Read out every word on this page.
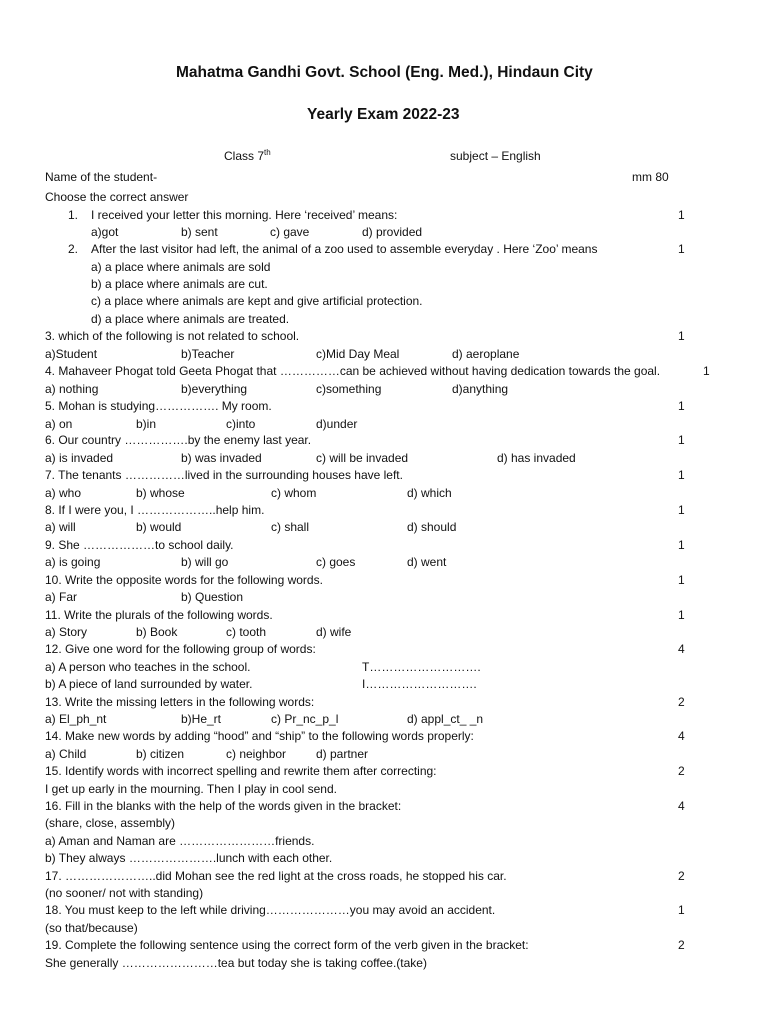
Mahatma Gandhi Govt. School (Eng. Med.), Hindaun City
Yearly Exam 2022-23
Class 7th	subject – English
Name of the student-	mm 80
Choose the correct answer
1. I received your letter this morning. Here ‘received’ means:	1
a)got	b) sent	c) gave	d) provided
2. After the last visitor had left, the animal of a zoo used to assemble everyday . Here ‘Zoo’ means	1
a) a place where animals are sold
b) a place where animals are cut.
c) a place where animals are kept and give artificial protection.
d) a place where animals are treated.
3. which of the following is not related to school.	1
a)Student	b)Teacher	c)Mid Day Meal	d) aeroplane
4. Mahaveer Phogat told Geeta Phogat that ……………can be achieved without having dedication towards the goal.	1
a) nothing	b)everything	c)something	d)anything
5. Mohan is studying……………. My room.	1
a) on	b)in	c)into	d)under
6. Our country …………….by the enemy last year.	1
a) is invaded	b) was invaded	c) will be invaded	d) has invaded
7. The tenants ……………lived in the surrounding houses have left.	1
a) who	b) whose	c) whom	d) which
8. If I were you, I ………………..help him.	1
a) will	b) would	c) shall	d) should
9. She ………………to school daily.	1
a) is going	b) will go	c) goes	d) went
10. Write the opposite words for the following words.	1
a) Far	b) Question
11. Write the plurals of the following words.	1
a) Story	b) Book	c) tooth	d) wife
12. Give one word for the following group of words:	4
a) A person who teaches in the school.	T……………………….
b) A piece of land surrounded by water.	I……………………….
13. Write the missing letters in the following words:	2
a) El_ph_nt	b)He_rt	c) Pr_nc_p_l	d) appl_ct_ _n
14. Make new words by adding “hood” and “ship” to the following words properly:	4
a) Child	b) citizen	c) neighbor d) partner
15. Identify words with incorrect spelling and rewrite them after correcting:	2
I get up early in the mourning. Then I play in cool send.
16. Fill in the blanks with the help of the words given in the bracket:	4
(share, close, assembly)
a) Aman and Naman are ……………………friends.
b) They always ………………….lunch with each other.
17. …………………..did Mohan see the red light at the cross roads, he stopped his car.	2
(no sooner/ not with standing)
18. You must keep to the left while driving…………………you may avoid an accident.	1
(so that/because)
19. Complete the following sentence using the correct form of the verb given in the bracket:	2
She generally ……………………tea but today she is taking coffee.(take)
